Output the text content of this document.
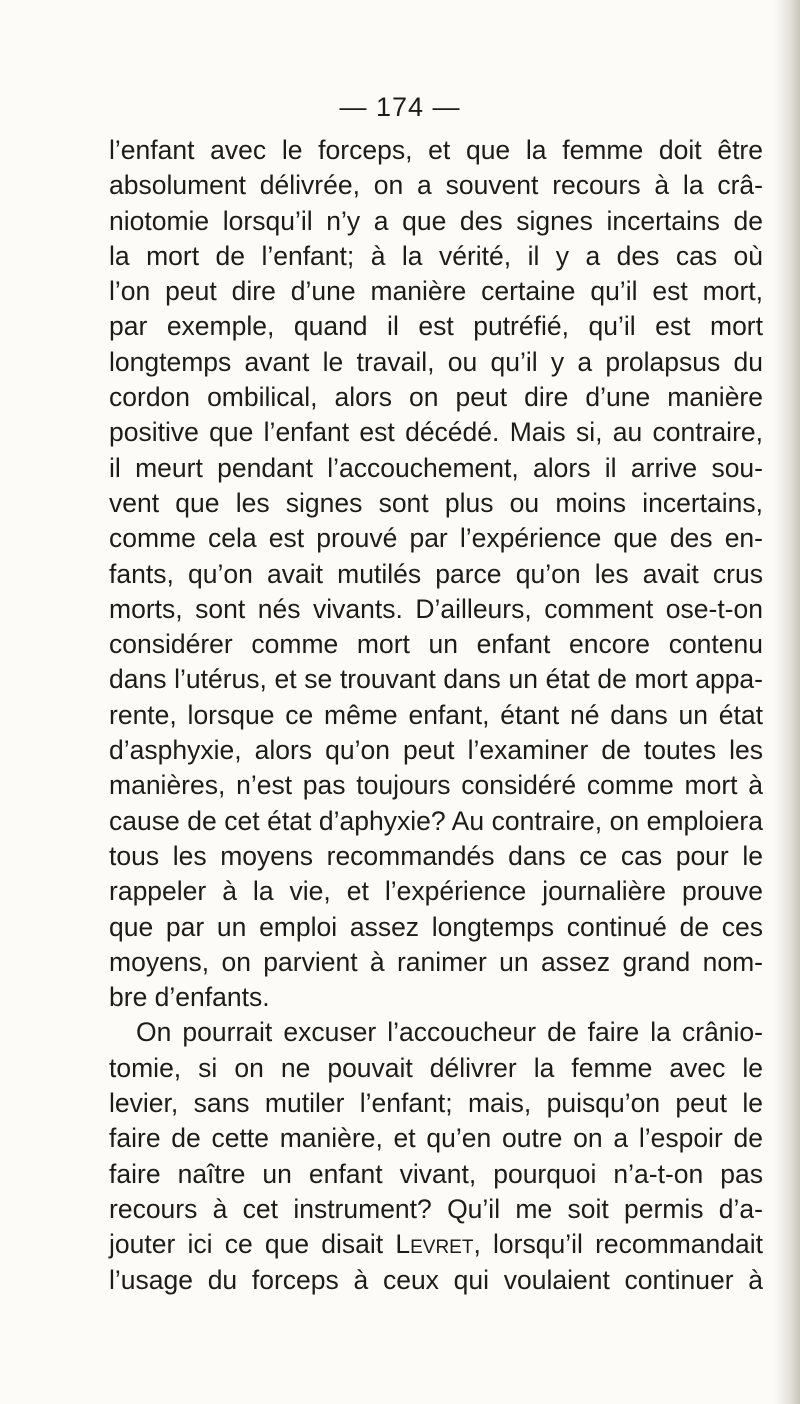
— 174 —
l’enfant avec le forceps, et que la femme doit être
absolument délivrée, on a souvent recours à la crâ-
niotomie lorsqu’il n’y a que des signes incertains de
la mort de l’enfant; à la vérité, il y a des cas où
l’on peut dire d’une manière certaine qu’il est mort,
par exemple, quand il est putréfié, qu’il est mort
longtemps avant le travail, ou qu’il y a prolapsus du
cordon ombilical, alors on peut dire d’une manière
positive que l’enfant est décédé. Mais si, au contraire,
il meurt pendant l’accouchement, alors il arrive sou-
vent que les signes sont plus ou moins incertains,
comme cela est prouvé par l’expérience que des en-
fants, qu’on avait mutilés parce qu’on les avait crus
morts, sont nés vivants. D’ailleurs, comment ose-t-on
considérer comme mort un enfant encore contenu
dans l’utérus, et se trouvant dans un état de mort appa-
rente, lorsque ce même enfant, étant né dans un état
d’asphyxie, alors qu’on peut l’examiner de toutes les
manières, n’est pas toujours considéré comme mort à
cause de cet état d’aphyxie? Au contraire, on emploiera
tous les moyens recommandés dans ce cas pour le
rappeler à la vie, et l’expérience journalière prouve
que par un emploi assez longtemps continué de ces
moyens, on parvient à ranimer un assez grand nom-
bre d’enfants.
On pourrait excuser l’accoucheur de faire la crânio-
tomie, si on ne pouvait délivrer la femme avec le
levier, sans mutiler l’enfant; mais, puisqu’on peut le
faire de cette manière, et qu’en outre on a l’espoir de
faire naître un enfant vivant, pourquoi n’a-t-on pas
recours à cet instrument? Qu’il me soit permis d’a-
jouter ici ce que disait Levret, lorsqu’il recommandait
l’usage du forceps à ceux qui voulaient continuer à
